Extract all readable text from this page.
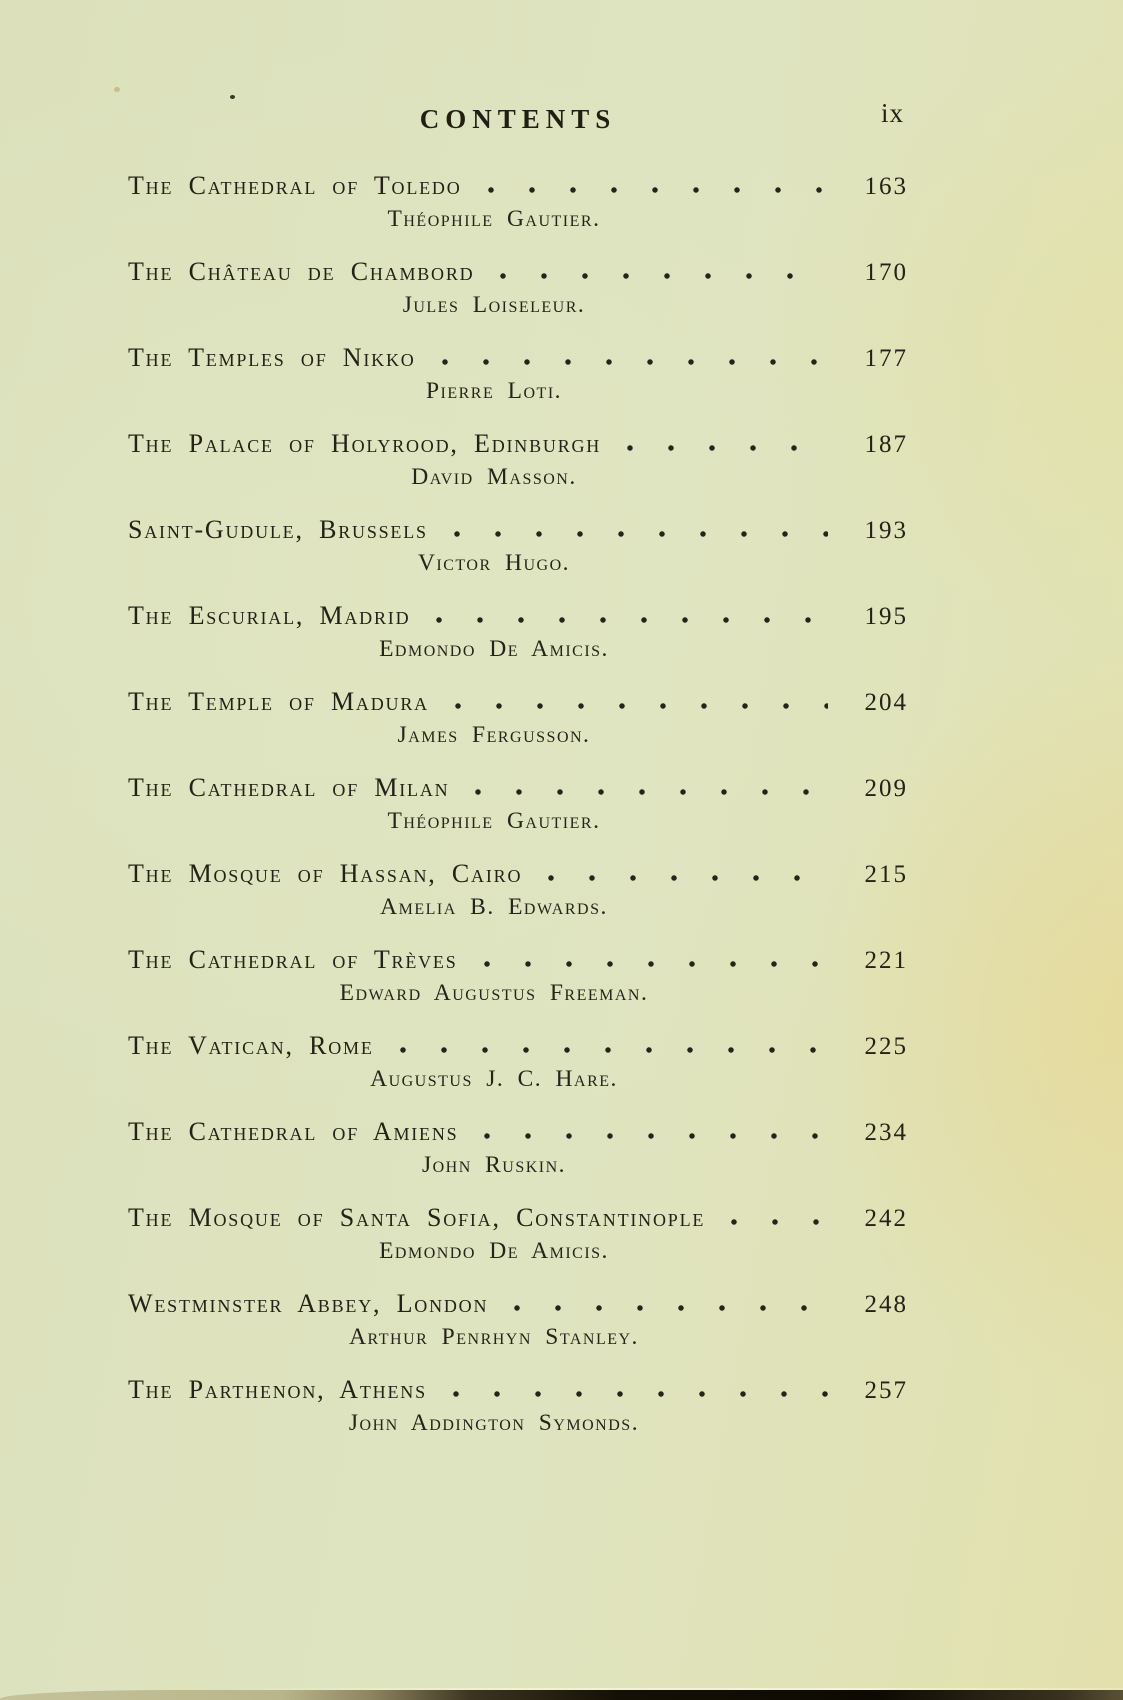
CONTENTS	ix
The Cathedral of Toledo	163
Théophile Gautier.
The Château de Chambord	170
Jules Loiseleur.
The Temples of Nikko	177
Pierre Loti.
The Palace of Holyrood, Edinburgh	187
David Masson.
Saint-Gudule, Brussels	193
Victor Hugo.
The Escurial, Madrid	195
Edmondo De Amicis.
The Temple of Madura	204
James Fergusson.
The Cathedral of Milan	209
Théophile Gautier.
The Mosque of Hassan, Cairo	215
Amelia B. Edwards.
The Cathedral of Trèves	221
Edward Augustus Freeman.
The Vatican, Rome	225
Augustus J. C. Hare.
The Cathedral of Amiens	234
John Ruskin.
The Mosque of Santa Sofia, Constantinople	242
Edmondo De Amicis.
Westminster Abbey, London	248
Arthur Penrhyn Stanley.
The Parthenon, Athens	257
John Addington Symonds.
